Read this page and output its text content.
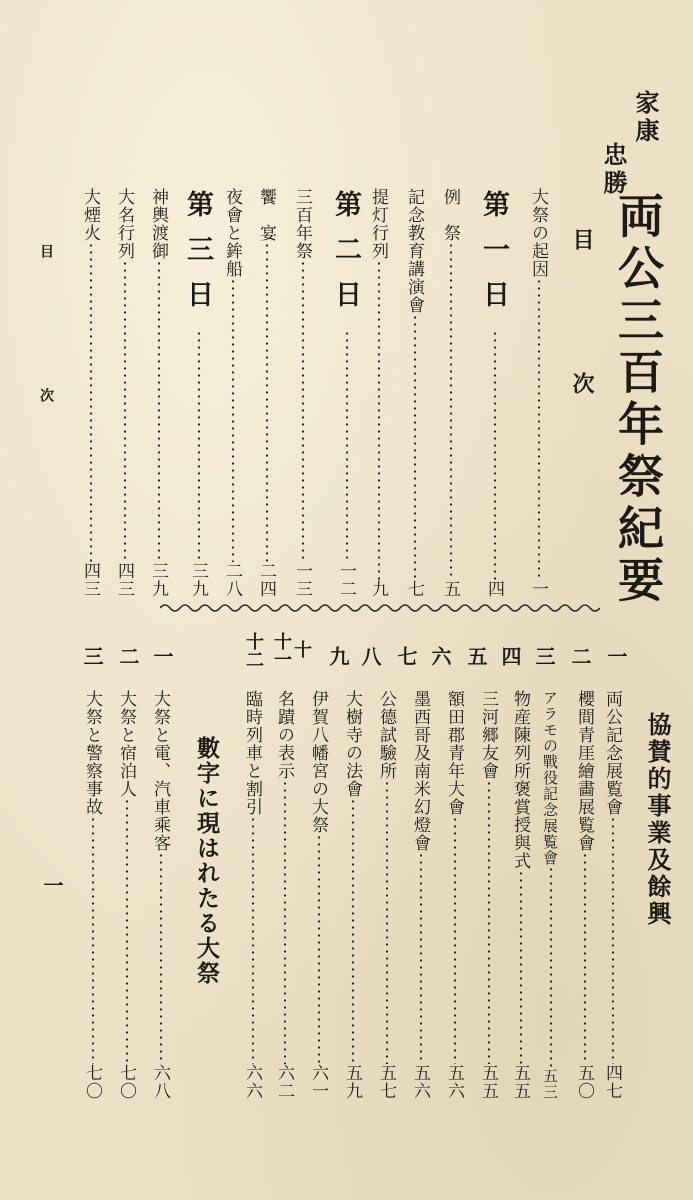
家康
忠勝
両公三百年祭紀要
目　次
大祭の起因
一
第一日
四
例　祭
五
記念教育講演會
七
提灯行列
九
第二日
一二
三百年祭
一三
饗　宴
二四
夜會と鉾船
二八
第三日
三九
神輿渡御
三九
大名行列
四三
大煙火
四三
目　次
一	協賛的事業及餘興
一
二
三
四
五
六
七
八
九
十
十一
十二
両公記念展覧會
四七
櫻間青厓繪畵展覧會
五〇
アラモの戰役記念展覧會
五三
物産陳列所褒賞授與式
五五
三河郷友會
五五
額田郡青年大會
五六
墨西哥及南米幻燈會
五六
公德試驗所
五七
大樹寺の法會
五九
伊賀八幡宮の大祭
六一
名蹟の表示
六二
臨時列車と割引
六六
數字に現はれたる大祭
一
二
三
大祭と電、汽車乘客
六八
大祭と宿泊人
七〇
大祭と警察事故
七〇
